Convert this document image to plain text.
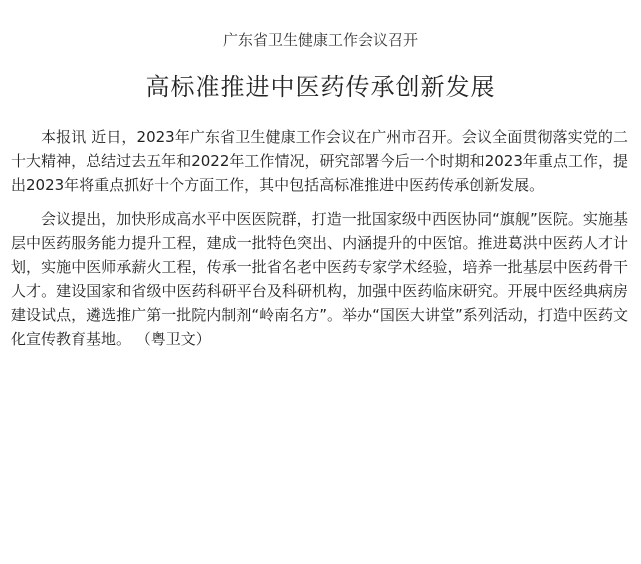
广东省卫生健康工作会议召开
高标准推进中医药传承创新发展

本报讯 近日，2023年广东省卫生健康工作会议在广州市召开。会议全面贯彻落实党的二十大精神，总结过去五年和2022年工作情况，研究部署今后一个时期和2023年重点工作，提出2023年将重点抓好十个方面工作，其中包括高标准推进中医药传承创新发展。

会议提出，加快形成高水平中医医院群，打造一批国家级中西医协同“旗舰”医院。实施基层中医药服务能力提升工程，建成一批特色突出、内涵提升的中医馆。推进葛洪中医药人才计划，实施中医师承薪火工程，传承一批省名老中医药专家学术经验，培养一批基层中医药骨干人才。建设国家和省级中医药科研平台及科研机构，加强中医药临床研究。开展中医经典病房建设试点，遴选推广第一批院内制剂“岭南名方”。举办“国医大讲堂”系列活动，打造中医药文化宣传教育基地。 （粤卫文）
